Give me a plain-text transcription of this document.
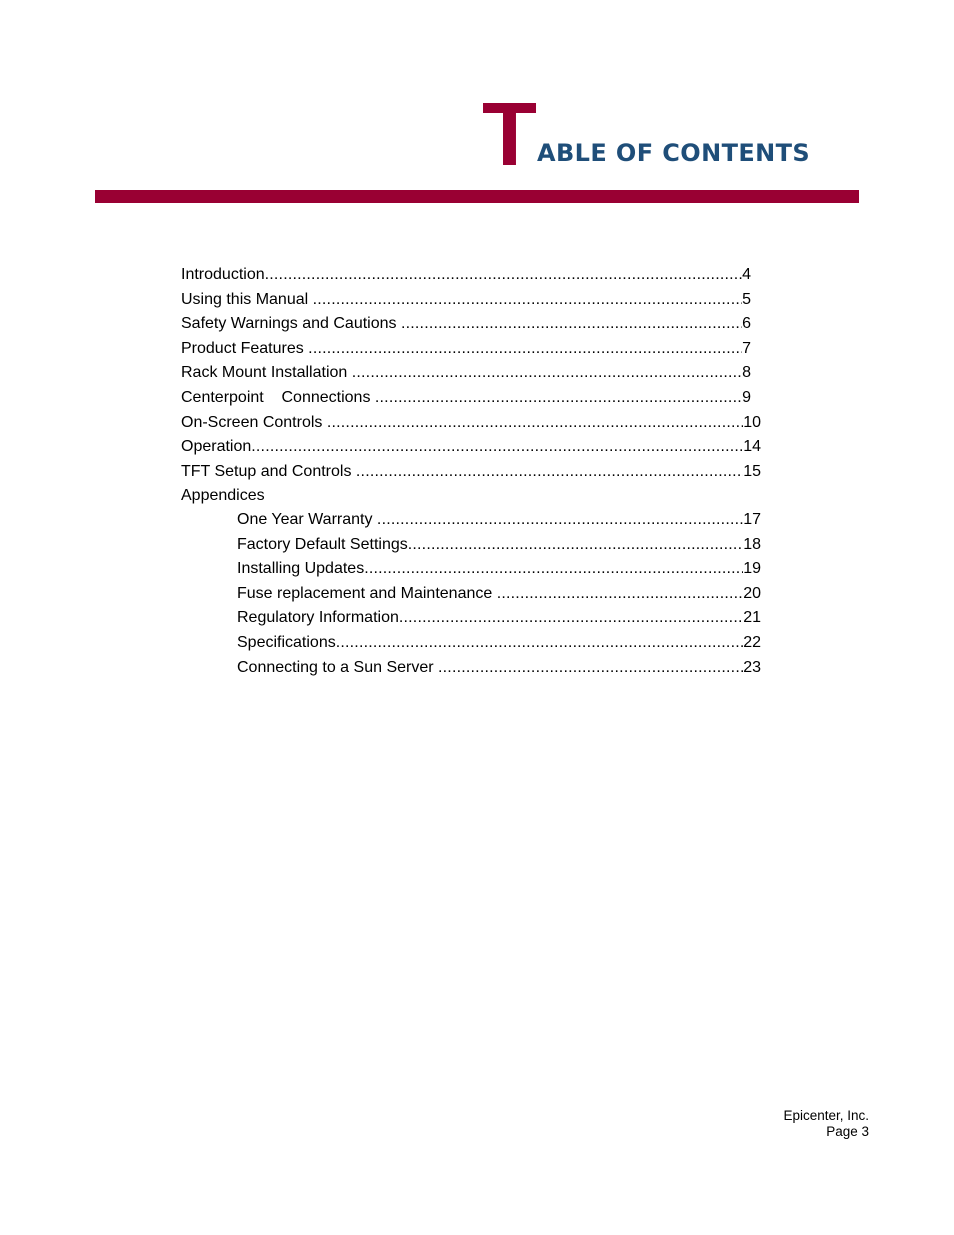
T ABLE OF CONTENTS
Introduction .....	4
Using this Manual .....	5
Safety Warnings and Cautions .....	6
Product Features .....	7
Rack Mount Installation .....	8
Centerpoint    Connections .....	9
On-Screen Controls .....	10
Operation .....	14
TFT Setup and Controls .....	15
Appendices
One Year Warranty .....	17
Factory Default Settings .....	18
Installing Updates .....	19
Fuse replacement and Maintenance .....	20
Regulatory Information .....	21
Specifications .....	22
Connecting to a Sun Server .....	23
Epicenter, Inc.
Page 3
